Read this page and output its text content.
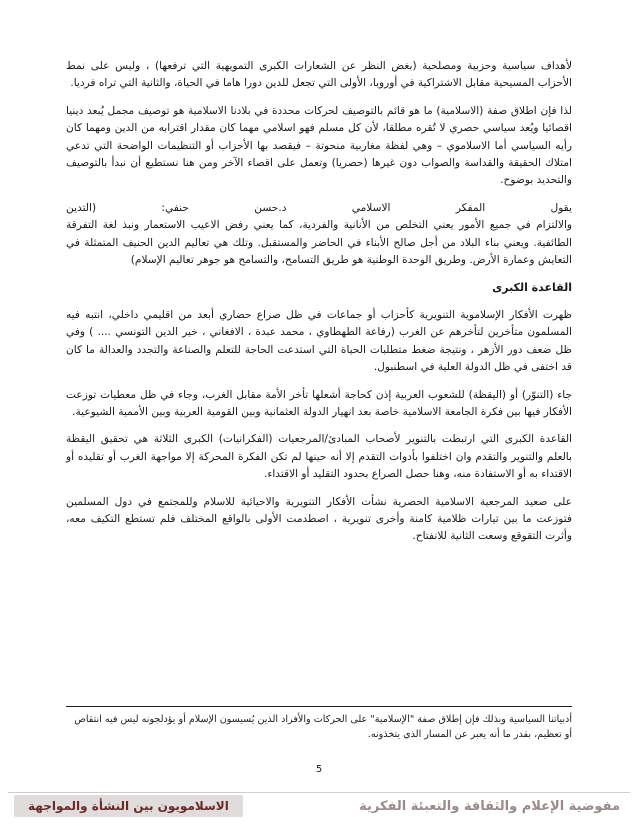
لأهداف سياسية وحزبية ومصلحية (بغض النظر عن الشعارات الكبرى التمويهية التي ترفعها) ، وليس على نمط الأحزاب المسيحية مقابل الاشتراكية في أوروبا، الأولى التي تجعل للدين دورا هاما في الحياة، والثانية التي تراه فرديا.

لذا فإن اطلاق صفة (الاسلامية) ما هو قائم بالتوصيف لحركات محددة في بلادنا الاسلامية هو توصيف مجمل يُبعد دينيا اقصائيا ويُعد سياسي حصري لا تُقره مطلقا، لأن كل مسلم فهو اسلامي مهما كان مقدار اقترابه من الدين ومهما كان رأيه السياسي أما الاسلاموي – وهي لفظة مغاربية منحوتة – فيقصد بها الأحزاب أو التنظيمات الواضحة التي تدعي امتلاك الحقيقة والقداسة والصواب دون غيرها (حصريا) وتعمل على اقصاء الآخر ومن هنا نستطيع أن نبدأ بالتوصيف والتحديد بوضوح.

يقول
المفكر
الاسلامي
د.حسن
حنفي:
(التدين

والالتزام في جميع الأمور يعني التخلص من الأنانية والفردية، كما يعني رفض الاعيب الاستعمار ونبذ لغة التفرقة الطائفية. ويعني بناء البلاد من أجل صالح الأبناء في الحاضر والمستقبل. وتلك هي تعاليم الدين الحنيف المتمثلة في التعايش وعمارة الأرض. وطريق الوحدة الوطنية هو طريق التسامح، والتسامح هو جوهر تعاليم الإسلام)

القاعدة الكبرى

ظهرت الأفكار الإسلاموية التنويرية كأحزاب أو جماعات في ظل صراع حضاري أبعد من اقليمي داخلي، انتبه فيه المسلمون متأخرين لتأخرهم عن الغرب (رفاعة الطهطاوي ، محمد عبدة ، الافغاني ، خير الدين التونسي .... ) وفي ظل ضعف دور الأزهر ، ونتيجة ضغط متطلبات الحياة التي استدعت الحاجة للتعلم والصناعة والتجدد والعدالة ما كان قد اختفى في ظل الدولة العلية في اسطنبول.

جاء (التنوّر) أو (اليقظة) للشعوب العربية إذن كحاجة أشعلها تأخر الأمة مقابل الغرب، وجاء في ظل معطيات توزعت الأفكار فيها بين فكرة الجامعة الاسلامية خاصة بعد انهيار الدولة العثمانية وبين القومية العربية وبين الأممية الشيوعية.

القاعدة الكبرى التي ارتبطت بالتنوير لأصحاب المبادئ/المرجعيات (الفكرانيات) الكبرى الثلاثة هي تحقيق اليقظة بالعلم والتنوير والتقدم وان اختلفوا بأدوات التقدم إلا أنه حينها لم تكن الفكرة المحركة إلا مواجهة الغرب أو تقليده أو الاقتداء به أو الاستفادة منه، وهنا حصل الصراع بحدود التقليد أو الاقتداء.

على صعيد المرجعية الاسلامية الحصرية نشأت الأفكار التنويرية والاحيائية للاسلام وللمجتمع في دول المسلمين فتوزعت ما بين تيارات ظلامية كامنة وأخرى تنويرية ، اصطدمت الأولى بالواقع المختلف فلم تستطع التكيف معه، وأثرت التقوقع وسعت الثانية للانفتاح.

أدبياتنا السياسية وبذلك فإن إطلاق صفة "الإسلامية" على الحركات والأفراد الذين يُسيسون الإسلام أو يؤدلجونه ليس فيه انتقاص أو تعظيم، بقدر ما أنه يعبر عن المسار الذي يتخذونه.
5
مفوضية الإعلام والثقافة والتعبئة الفكرية
الاسلامويون بين النشأة والمواجهة
